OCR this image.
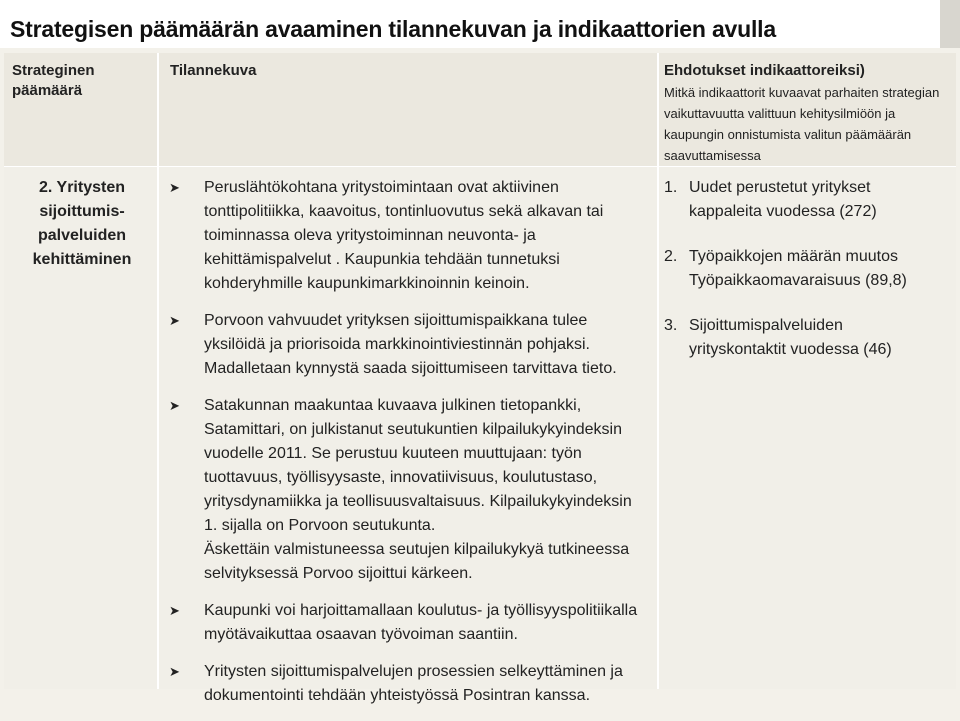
Strategisen päämäärän avaaminen tilannekuvan ja indikaattorien avulla
Strateginen päämäärä
Tilannekuva	Ehdotukset indikaattoreiksi)
Mitkä indikaattorit kuvaavat parhaiten strategian vaikuttavuutta valittuun kehitysilmiöön ja kaupungin onnistumista valitun päämäärän saavuttamisessa
2. Yritysten sijoittumis-palveluiden kehittäminen
➤ Peruslähtökohtana yritystoimintaan ovat aktiivinen
tonttipolitiikka, kaavoitus, tontinluovutus sekä alkavan tai
toiminnassa oleva yritystoiminnan neuvonta- ja
kehittämispalvelut . Kaupunkia tehdään tunnetuksi
kohderyhmille kaupunkimarkkinoinnin keinoin.
➤ Porvoon vahvuudet yrityksen sijoittumispaikkana tulee
yksilöidä ja priorisoida markkinointiviestinnän pohjaksi.
Madalletaan kynnystä saada sijoittumiseen tarvittava tieto.
➤ Satakunnan maakuntaa kuvaava julkinen tietopankki,
Satamittari, on julkistanut seutukuntien kilpailukykyindeksin
vuodelle 2011. Se perustuu kuuteen muuttujaan: työn
tuottavuus, työllisyysaste, innovatiivisuus, koulutustaso,
yritysdynamiikka ja teollisuusvaltaisuus. Kilpailukykyindeksin
1. sijalla on Porvoon seutukunta.
Äskettäin valmistuneessa seutujen kilpailukykyä tutkineessa
selvityksessä Porvoo sijoittui kärkeen.
➤ Kaupunki voi harjoittamallaan koulutus- ja työllisyyspolitiikalla
myötävaikuttaa osaavan työvoiman saantiin.
➤ Yritysten sijoittumispalvelujen prosessien selkeyttäminen ja
dokumentointi tehdään yhteistyössä Posintran kanssa.
1. Uudet perustetut yritykset
kappaleita vuodessa (272)
2. Työpaikkojen määrän muutos
Työpaikkaomavaraisuus (89,8)
3. Sijoittumispalveluiden
yrityskontaktit vuodessa (46)
